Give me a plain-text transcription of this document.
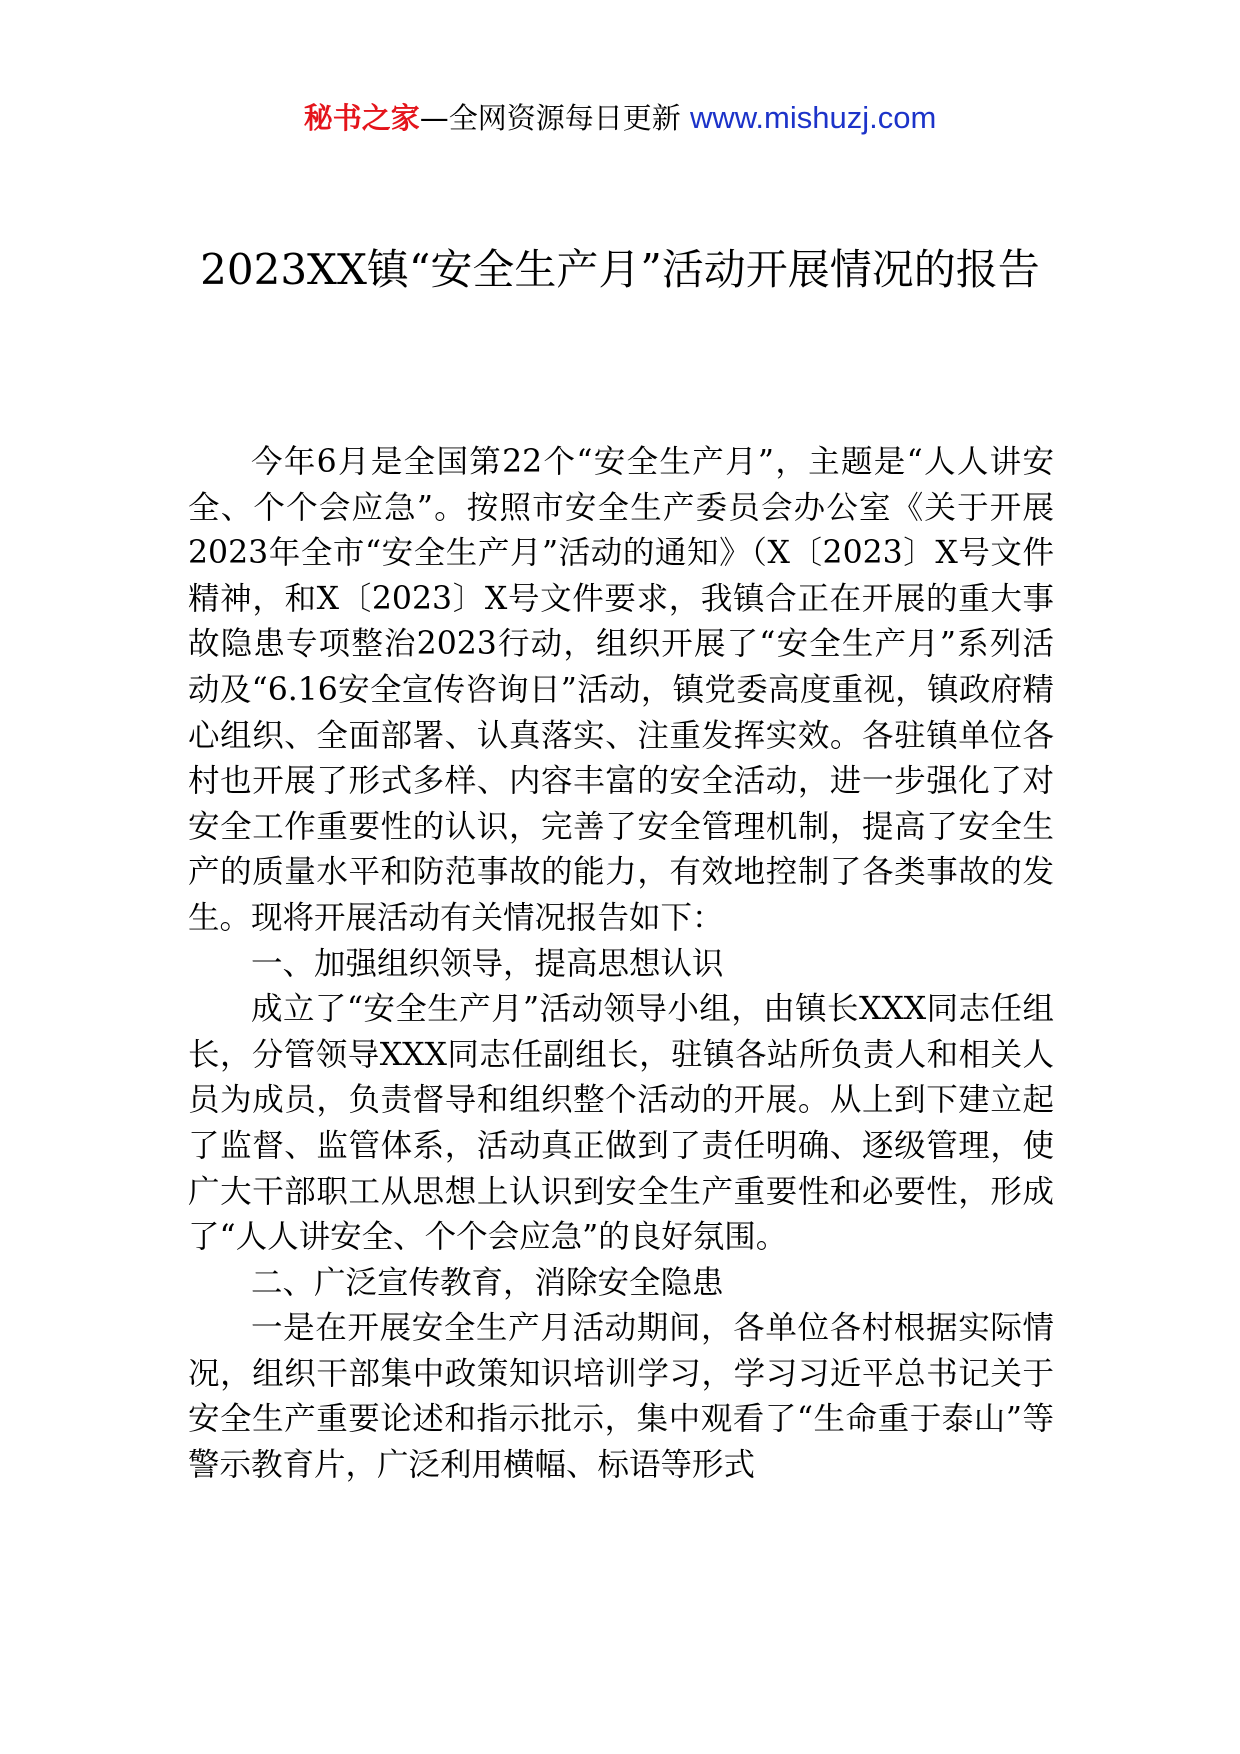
秘书之家—全网资源每日更新 www.mishuzj.com
2023XX镇“安全生产月”活动开展情况的报告

今年6月是全国第22个“安全生产月”，主题是“人人讲安全、个个会应急”。按照市安全生产委员会办公室《关于开展2023年全市“安全生产月”活动的通知》（X〔2023〕X号文件精神，和X〔2023〕X号文件要求，我镇合正在开展的重大事故隐患专项整治2023行动，组织开展了“安全生产月”系列活动及“6.16安全宣传咨询日”活动，镇党委高度重视，镇政府精心组织、全面部署、认真落实、注重发挥实效。各驻镇单位各村也开展了形式多样、内容丰富的安全活动，进一步强化了对安全工作重要性的认识，完善了安全管理机制，提高了安全生产的质量水平和防范事故的能力，有效地控制了各类事故的发生。现将开展活动有关情况报告如下：

一、加强组织领导，提高思想认识

成立了“安全生产月”活动领导小组，由镇长XXX同志任组长，分管领导XXX同志任副组长，驻镇各站所负责人和相关人员为成员，负责督导和组织整个活动的开展。从上到下建立起了监督、监管体系，活动真正做到了责任明确、逐级管理，使广大干部职工从思想上认识到安全生产重要性和必要性，形成了“人人讲安全、个个会应急”的良好氛围。

二、广泛宣传教育，消除安全隐患

一是在开展安全生产月活动期间，各单位各村根据实际情况，组织干部集中政策知识培训学习，学习习近平总书记关于安全生产重要论述和指示批示，集中观看了“生命重于泰山”等警示教育片，广泛利用横幅、标语等形式
